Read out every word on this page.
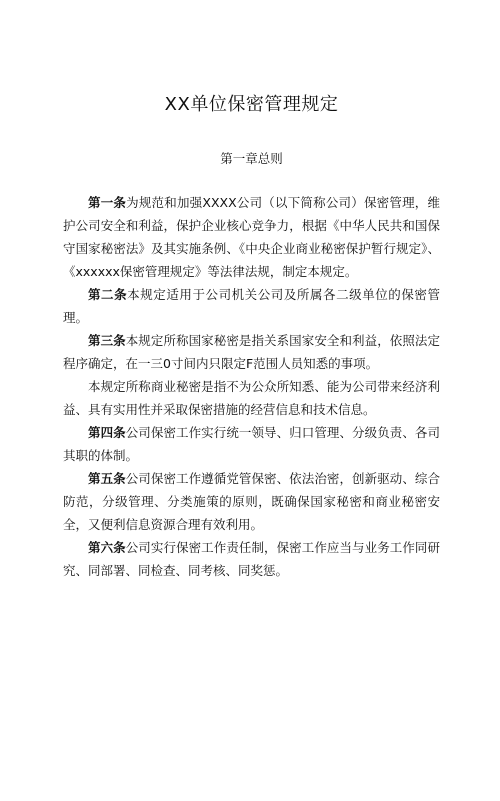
XX单位保密管理规定
第一章总则

第一条为规范和加强XXXX公司（以下简称公司）保密管理，维护公司安全和利益，保护企业核心竞争力，根据《中华人民共和国保守国家秘密法》及其实施条例、《中央企业商业秘密保护暂行规定》、《xxxxxx保密管理规定》等法律法规，制定本规定。

第二条本规定适用于公司机关公司及所属各二级单位的保密管理。

第三条本规定所称国家秘密是指关系国家安全和利益，依照法定程序确定，在一三0寸间内只限定F范围人员知悉的事项。

本规定所称商业秘密是指不为公众所知悉、能为公司带来经济利益、具有实用性并采取保密措施的经营信息和技术信息。

第四条公司保密工作实行统一领导、归口管理、分级负责、各司其职的体制。

第五条公司保密工作遵循党管保密、依法治密，创新驱动、综合防范，分级管理、分类施策的原则，既确保国家秘密和商业秘密安全，又便利信息资源合理有效利用。

第六条公司实行保密工作责任制，保密工作应当与业务工作同研究、同部署、同检查、同考核、同奖惩。
